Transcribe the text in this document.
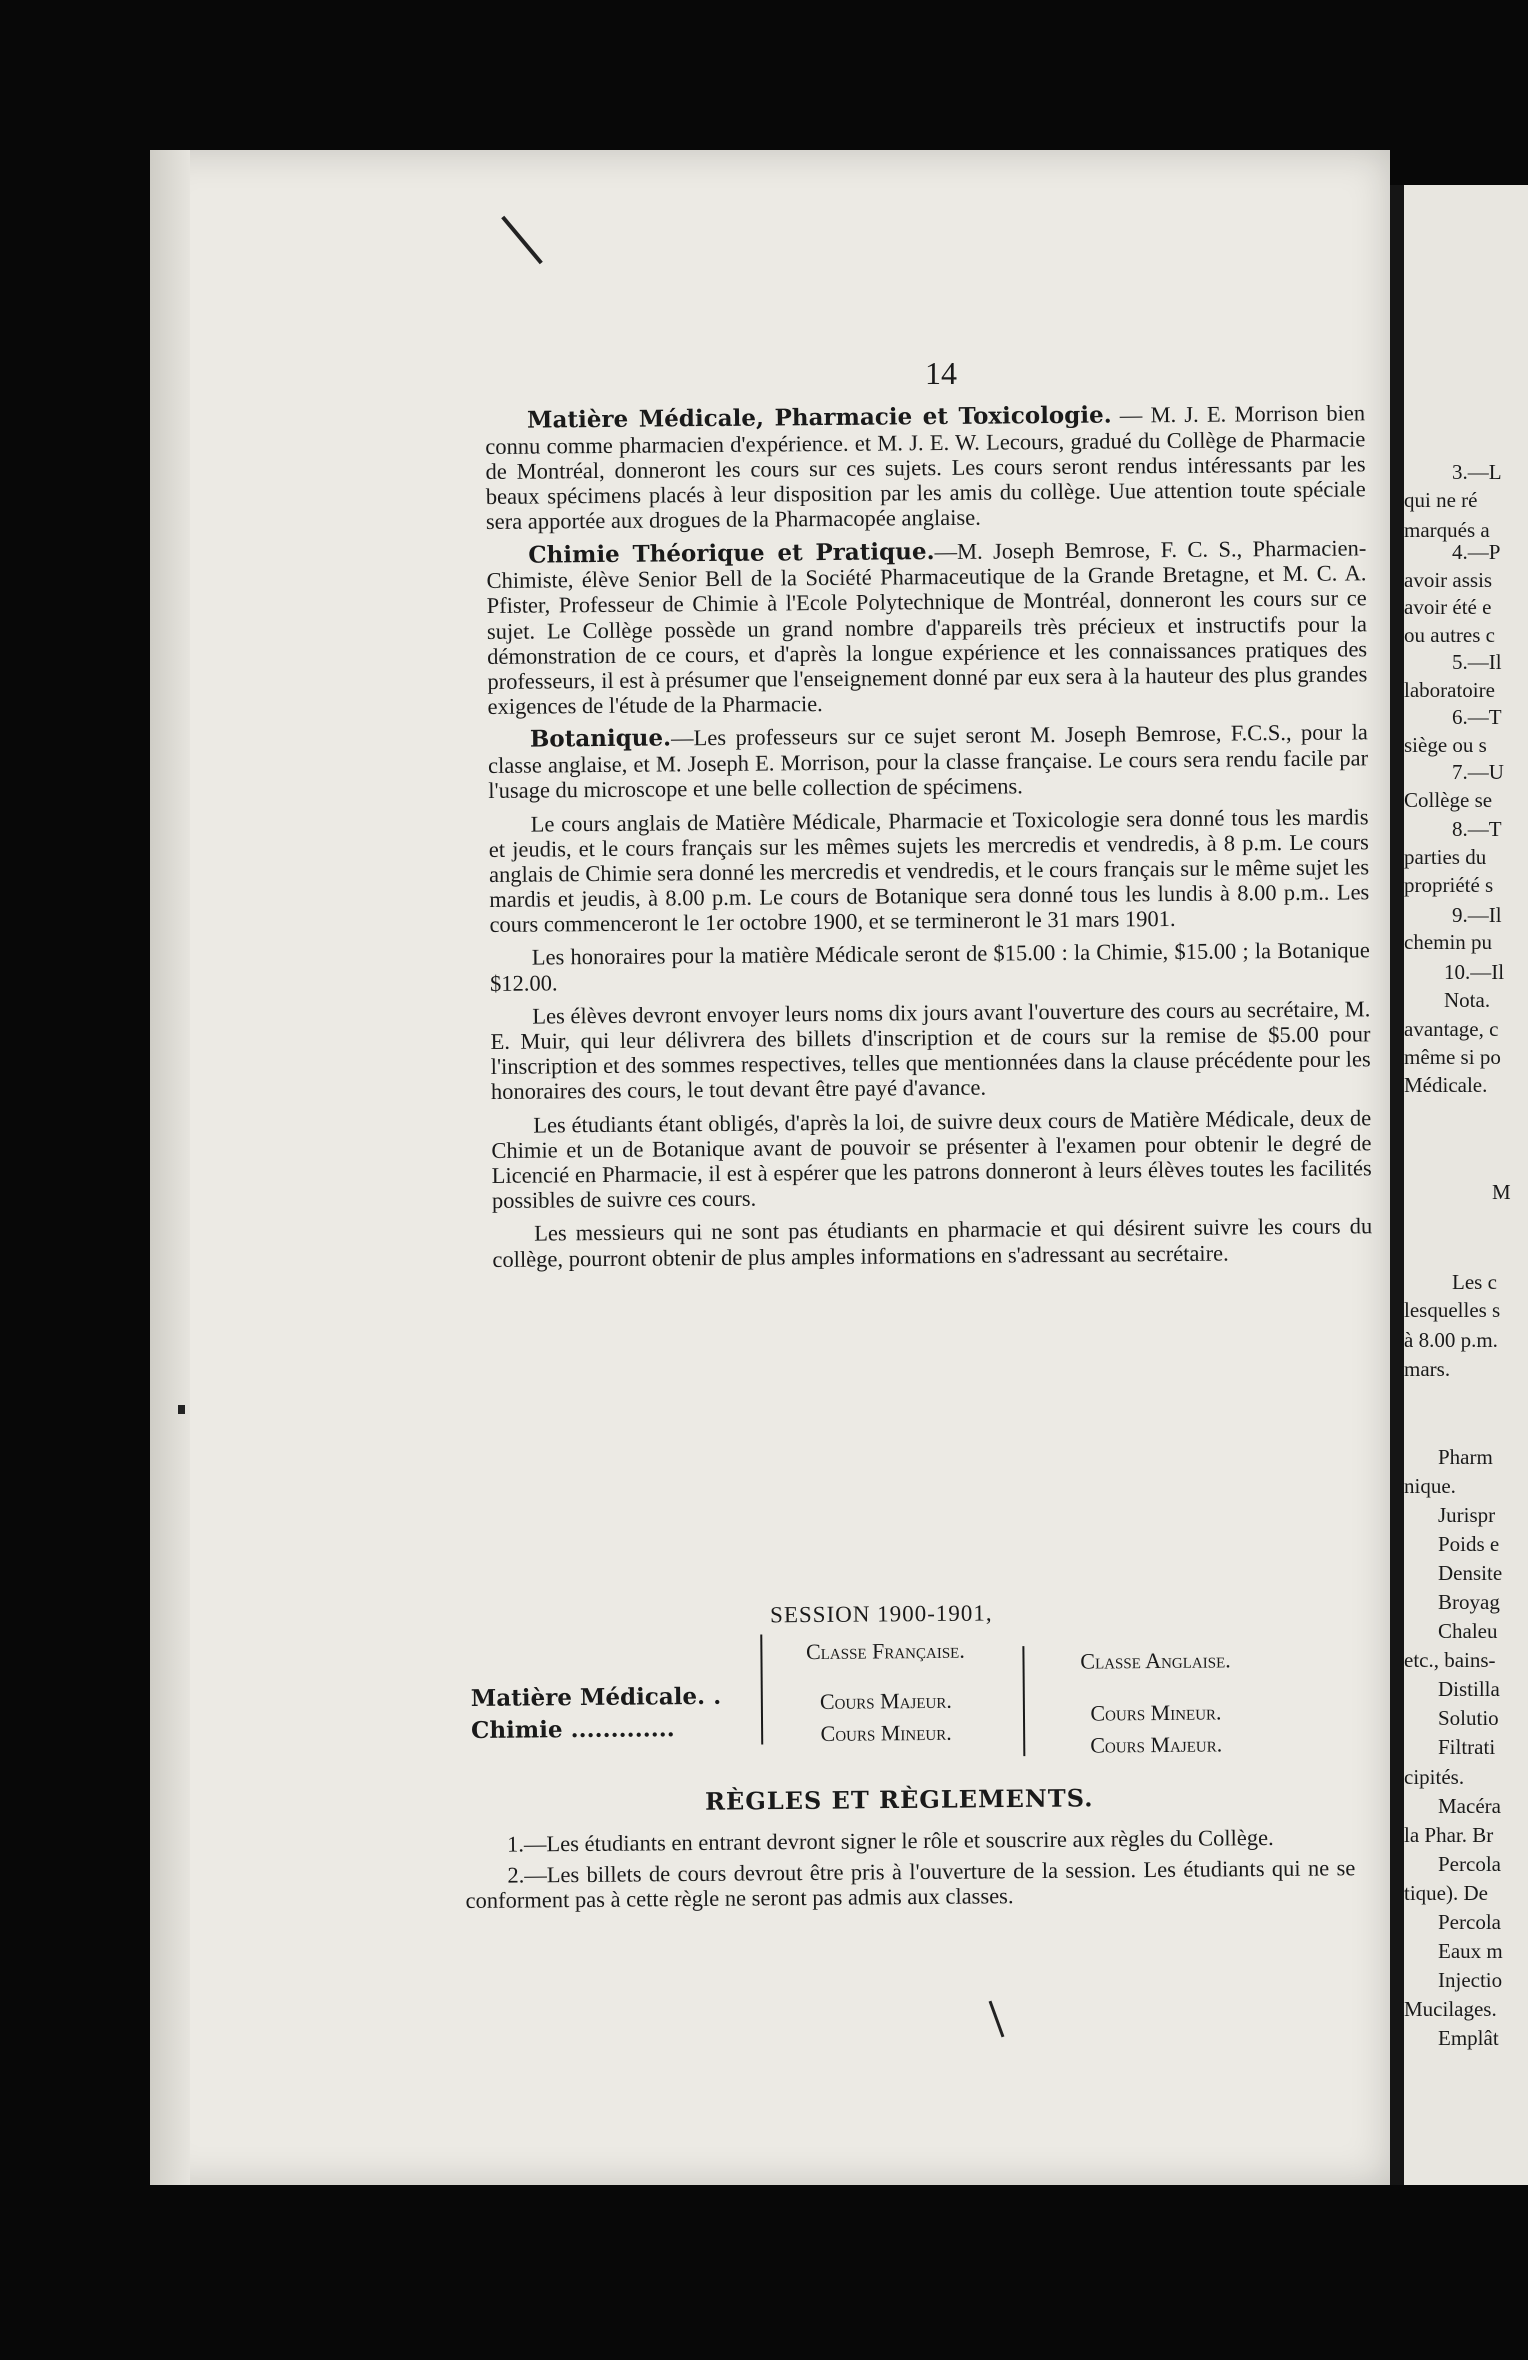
3.—L
qui ne ré
marqués a
4.—P
avoir assis
avoir été e
ou autres c
5.—Il
laboratoire
6.—T
siège ou s
7.—U
Collège se
8.—T
parties du
propriété s
9.—Il
chemin pu
10.—Il
Nota.
avantage, c
même si po
Médicale.
M
Les c
lesquelles s
à 8.00 p.m.
mars.
Pharm
nique.
Jurispr
Poids e
Densite
Broyag
Chaleu
etc., bains-
Distilla
Solutio
Filtrati
cipités.
Macéra
la Phar. Br
Percola
tique). De
Percola
Eaux m
Injectio
Mucilages.
Emplât
14

Matière Médicale, Pharmacie et Toxicologie. — M. J. E. Morrison bien connu comme pharmacien d'expérience. et M. J. E. W. Lecours, gradué du Collège de Pharmacie de Montréal, donneront les cours sur ces sujets. Les cours seront rendus intéressants par les beaux spécimens placés à leur disposition par les amis du collège. Uue attention toute spéciale sera apportée aux drogues de la Pharmacopée anglaise.

Chimie Théorique et Pratique.—M. Joseph Bemrose, F. C. S., Pharmacien-Chimiste, élève Senior Bell de la Société Pharmaceutique de la Grande Bretagne, et M. C. A. Pfister, Professeur de Chimie à l'Ecole Polytechnique de Montréal, donneront les cours sur ce sujet. Le Collège possède un grand nombre d'appareils très précieux et instructifs pour la démonstration de ce cours, et d'après la longue expérience et les connaissances pratiques des professeurs, il est à présumer que l'enseignement donné par eux sera à la hauteur des plus grandes exigences de l'étude de la Pharmacie.

Botanique.—Les professeurs sur ce sujet seront M. Joseph Bemrose, F.C.S., pour la classe anglaise, et M. Joseph E. Morrison, pour la classe française. Le cours sera rendu facile par l'usage du microscope et une belle collection de spécimens.

Le cours anglais de Matière Médicale, Pharmacie et Toxicologie sera donné tous les mardis et jeudis, et le cours français sur les mêmes sujets les mercredis et vendredis, à 8 p.m. Le cours anglais de Chimie sera donné les mercredis et vendredis, et le cours français sur le même sujet les mardis et jeudis, à 8.00 p.m. Le cours de Botanique sera donné tous les lundis à 8.00 p.m.. Les cours commenceront le 1er octobre 1900, et se termineront le 31 mars 1901.

Les honoraires pour la matière Médicale seront de $15.00 : la Chimie, $15.00 ; la Botanique $12.00.

Les élèves devront envoyer leurs noms dix jours avant l'ouverture des cours au secrétaire, M. E. Muir, qui leur délivrera des billets d'inscription et de cours sur la remise de $5.00 pour l'inscription et des sommes respectives, telles que mentionnées dans la clause précédente pour les honoraires des cours, le tout devant être payé d'avance.

Les étudiants étant obligés, d'après la loi, de suivre deux cours de Matière Médicale, deux de Chimie et un de Botanique avant de pouvoir se présenter à l'examen pour obtenir le degré de Licencié en Pharmacie, il est à espérer que les patrons donneront à leurs élèves toutes les facilités possibles de suivre ces cours.

Les messieurs qui ne sont pas étudiants en pharmacie et qui désirent suivre les cours du collège, pourront obtenir de plus amples informations en s'adressant au secrétaire.

SESSION 1900-1901,
Classe Française.	Classe Anglaise.
Matière Médicale. .
Chimie .............
Cours Majeur.
Cours Mineur.
Cours Mineur.
Cours Majeur.
RÈGLES ET RÈGLEMENTS.

1.—Les étudiants en entrant devront signer le rôle et souscrire aux règles du Collège.

2.—Les billets de cours devrout être pris à l'ouverture de la session. Les étudiants qui ne se conforment pas à cette règle ne seront pas admis aux classes.
